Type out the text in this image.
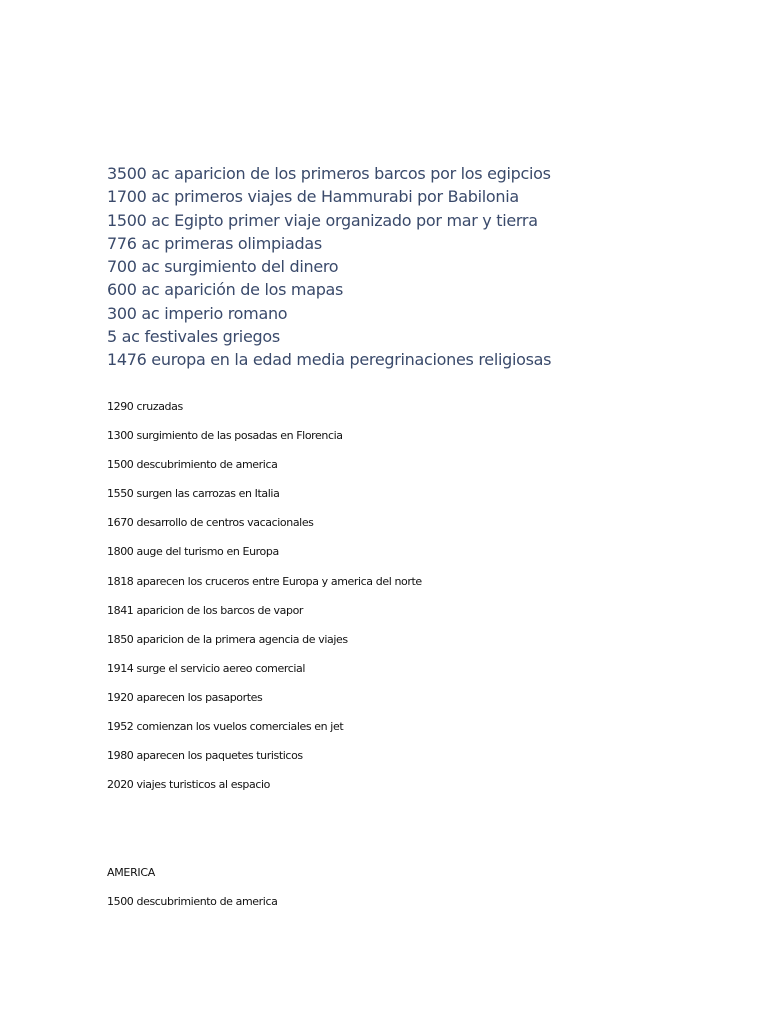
3500 ac aparicion de los primeros barcos por los egipcios
1700 ac primeros viajes de Hammurabi por Babilonia
1500 ac Egipto primer viaje organizado por mar y tierra
776 ac primeras olimpiadas
700 ac surgimiento del dinero
600 ac aparición de los mapas
300 ac imperio romano
5 ac festivales griegos
1476 europa en la edad media peregrinaciones religiosas
1290 cruzadas
1300 surgimiento de las posadas en Florencia
1500 descubrimiento de america
1550 surgen las carrozas en Italia
1670 desarrollo de centros vacacionales
1800 auge del turismo en Europa
1818 aparecen los cruceros entre Europa y america del norte
1841 aparicion de los barcos de vapor
1850 aparicion de la primera agencia de viajes
1914 surge el servicio aereo comercial
1920 aparecen los pasaportes
1952 comienzan los vuelos comerciales en jet
1980 aparecen los paquetes turisticos
2020 viajes turisticos al espacio
AMERICA

1500 descubrimiento de america
